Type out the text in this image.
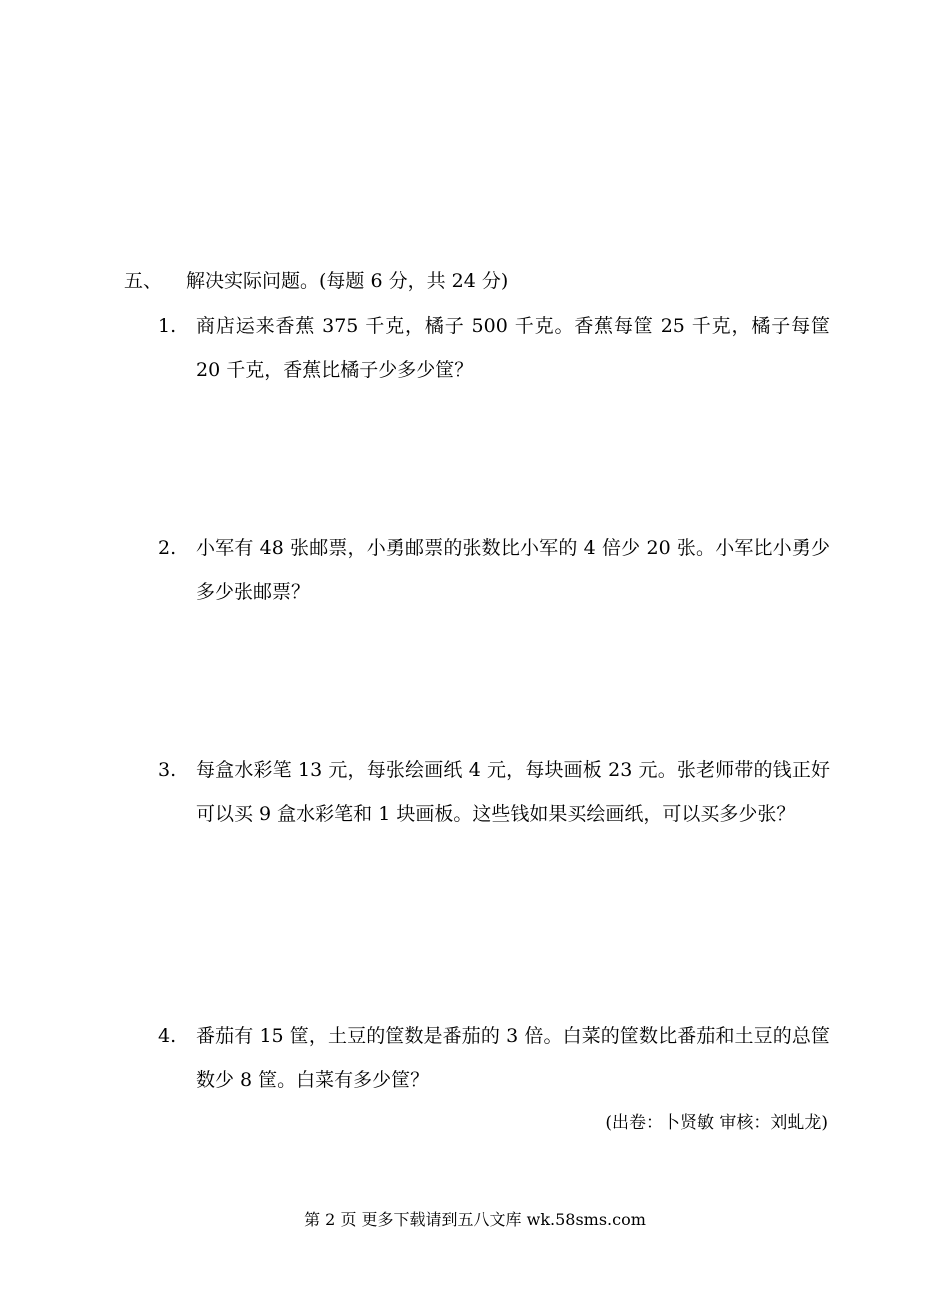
五、 解决实际问题。(每题 6 分，共 24 分)
1.	商店运来香蕉 375 千克，橘子 500 千克。香蕉每筐 25 千克，橘子每筐 20 千克，香蕉比橘子少多少筐？
2.	小军有 48 张邮票，小勇邮票的张数比小军的 4 倍少 20 张。小军比小勇少多少张邮票？
3.	每盒水彩笔 13 元，每张绘画纸 4 元，每块画板 23 元。张老师带的钱正好可以买 9 盒水彩笔和 1 块画板。这些钱如果买绘画纸，可以买多少张？
4.	番茄有 15 筐，土豆的筐数是番茄的 3 倍。白菜的筐数比番茄和土豆的总筐数少 8 筐。白菜有多少筐？
(出卷：卜贤敏 审核：刘虬龙)
第 2 页 更多下载请到五八文库 wk.58sms.com
